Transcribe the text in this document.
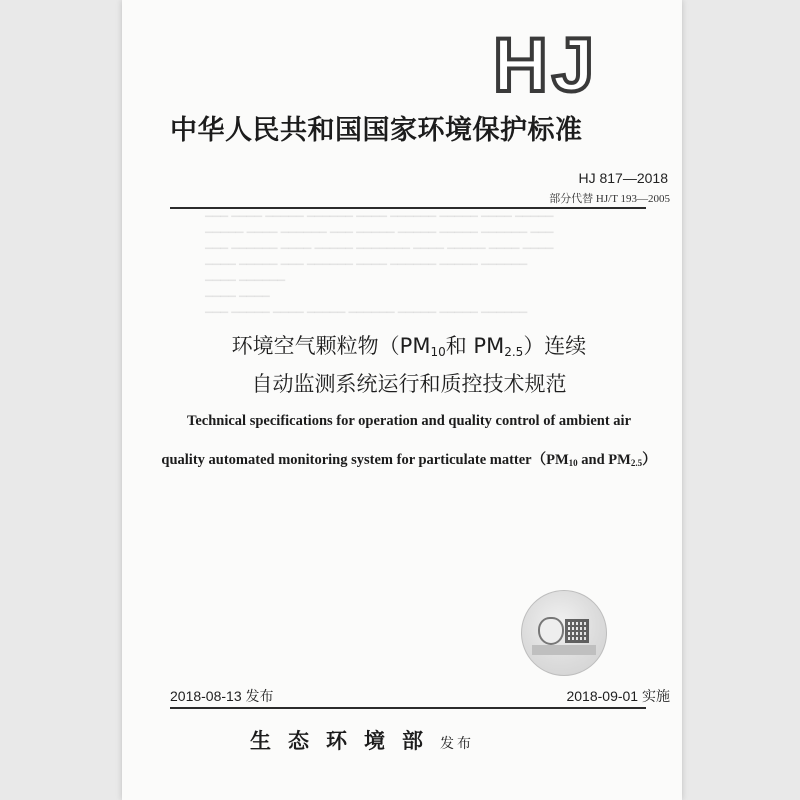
HJ
中华人民共和国国家环境保护标准
HJ 817—2018
部分代替 HJ/T 193—2005
▔▔▔ ▔▔▔▔ ▔▔▔▔▔ ▔▔▔▔▔▔ ▔▔▔▔ ▔▔▔▔▔▔ ▔▔▔▔▔ ▔▔▔▔ ▔▔▔▔▔
▔▔▔▔▔ ▔▔▔▔ ▔▔▔▔▔▔ ▔▔▔ ▔▔▔▔▔ ▔▔▔▔▔ ▔▔▔▔▔ ▔▔▔▔▔▔ ▔▔▔
▔▔▔ ▔▔▔▔▔▔ ▔▔▔▔ ▔▔▔▔▔ ▔▔▔▔▔▔▔ ▔▔▔▔ ▔▔▔▔▔ ▔▔▔▔ ▔▔▔▔
▔▔▔▔ ▔▔▔▔▔ ▔▔▔ ▔▔▔▔▔▔ ▔▔▔▔ ▔▔▔▔▔▔ ▔▔▔▔▔ ▔▔▔▔▔▔
▔▔▔▔ ▔▔▔▔▔▔
▔▔▔▔ ▔▔▔▔
▔▔▔ ▔▔▔▔▔ ▔▔▔▔ ▔▔▔▔▔ ▔▔▔▔▔▔ ▔▔▔▔▔ ▔▔▔▔▔ ▔▔▔▔▔▔
环境空气颗粒物（$PM_{10}$和 $PM_{2.5}$）连续
自动监测系统运行和质控技术规范
Technical specifications for operation and quality control of ambient air
quality automated monitoring system for particulate $matter(PM_{10}$ and $PM_{2.5}$）
2018-08-13 发布	2018-09-01 实施
生态环境部发布
